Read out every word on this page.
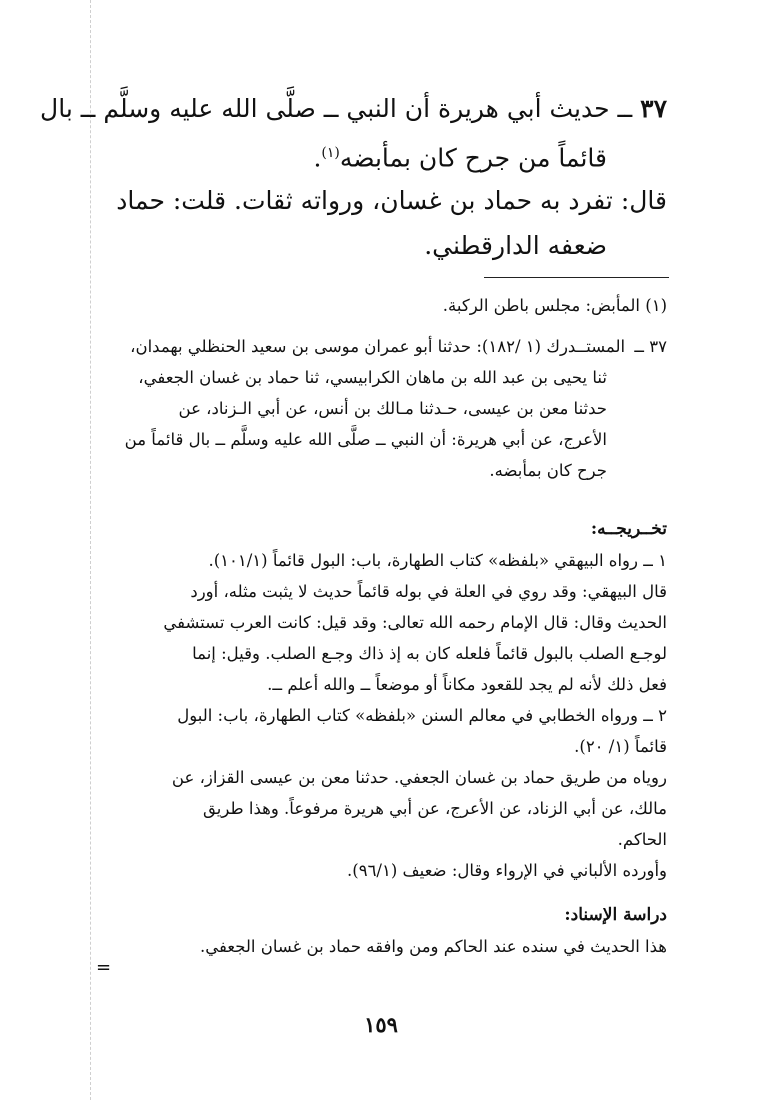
٣٧ ــ حديث أبي هريرة أن النبي ــ صلَّى الله عليه وسلَّم ــ بال
قائماً من جرح كان بمأبضه$^{(١)}$.
قال: تفرد به حماد بن غسان، ورواته ثقات. قلت: حماد
ضعفه الدارقطني.
(١) المأبض: مجلس باطن الركبة.
٣٧ ــ المستــدرك (١ /١٨٢): حدثنا أبو عمران موسى بن سعيد الحنظلي بهمدان،
ثنا يحيى بن عبد الله بن ماهان الكرابيسي، ثنا حماد بن غسان الجعفي،
حدثنا معن بن عيسى، حـدثنا مـالك بن أنس، عن أبي الـزناد، عن
الأعرج، عن أبي هريرة: أن النبي ــ صلَّى الله عليه وسلَّم ــ بال قائماً من
جرح كان بمأبضه.
تخــريجــه:
١ ــ رواه البيهقي «بلفظه» كتاب الطهارة، باب: البول قائماً (١٠١/١).
قال البيهقي: وقد روي في العلة في بوله قائماً حديث لا يثبت مثله، أورد
الحديث وقال: قال الإمام رحمه الله تعالى: وقد قيل: كانت العرب تستشفي
لوجـع الصلب بالبول قائماً فلعله كان به إذ ذاك وجـع الصلب. وقيل: إنما
فعل ذلك لأنه لم يجد للقعود مكاناً أو موضعاً ــ والله أعلم ــ.
٢ ــ ورواه الخطابي في معالم السنن «بلفظه» كتاب الطهارة، باب: البول
قائماً (١/ ٢٠).
روياه من طريق حماد بن غسان الجعفي. حدثنا معن بن عيسى القزاز، عن
مالك، عن أبي الزناد، عن الأعرج، عن أبي هريرة مرفوعاً. وهذا طريق
الحاكم.
وأورده الألباني في الإرواء وقال: ضعيف (٩٦/١).
دراسة الإسناد:
هذا الحديث في سنده عند الحاكم ومن وافقه حماد بن غسان الجعفي.
=
١٥٩
